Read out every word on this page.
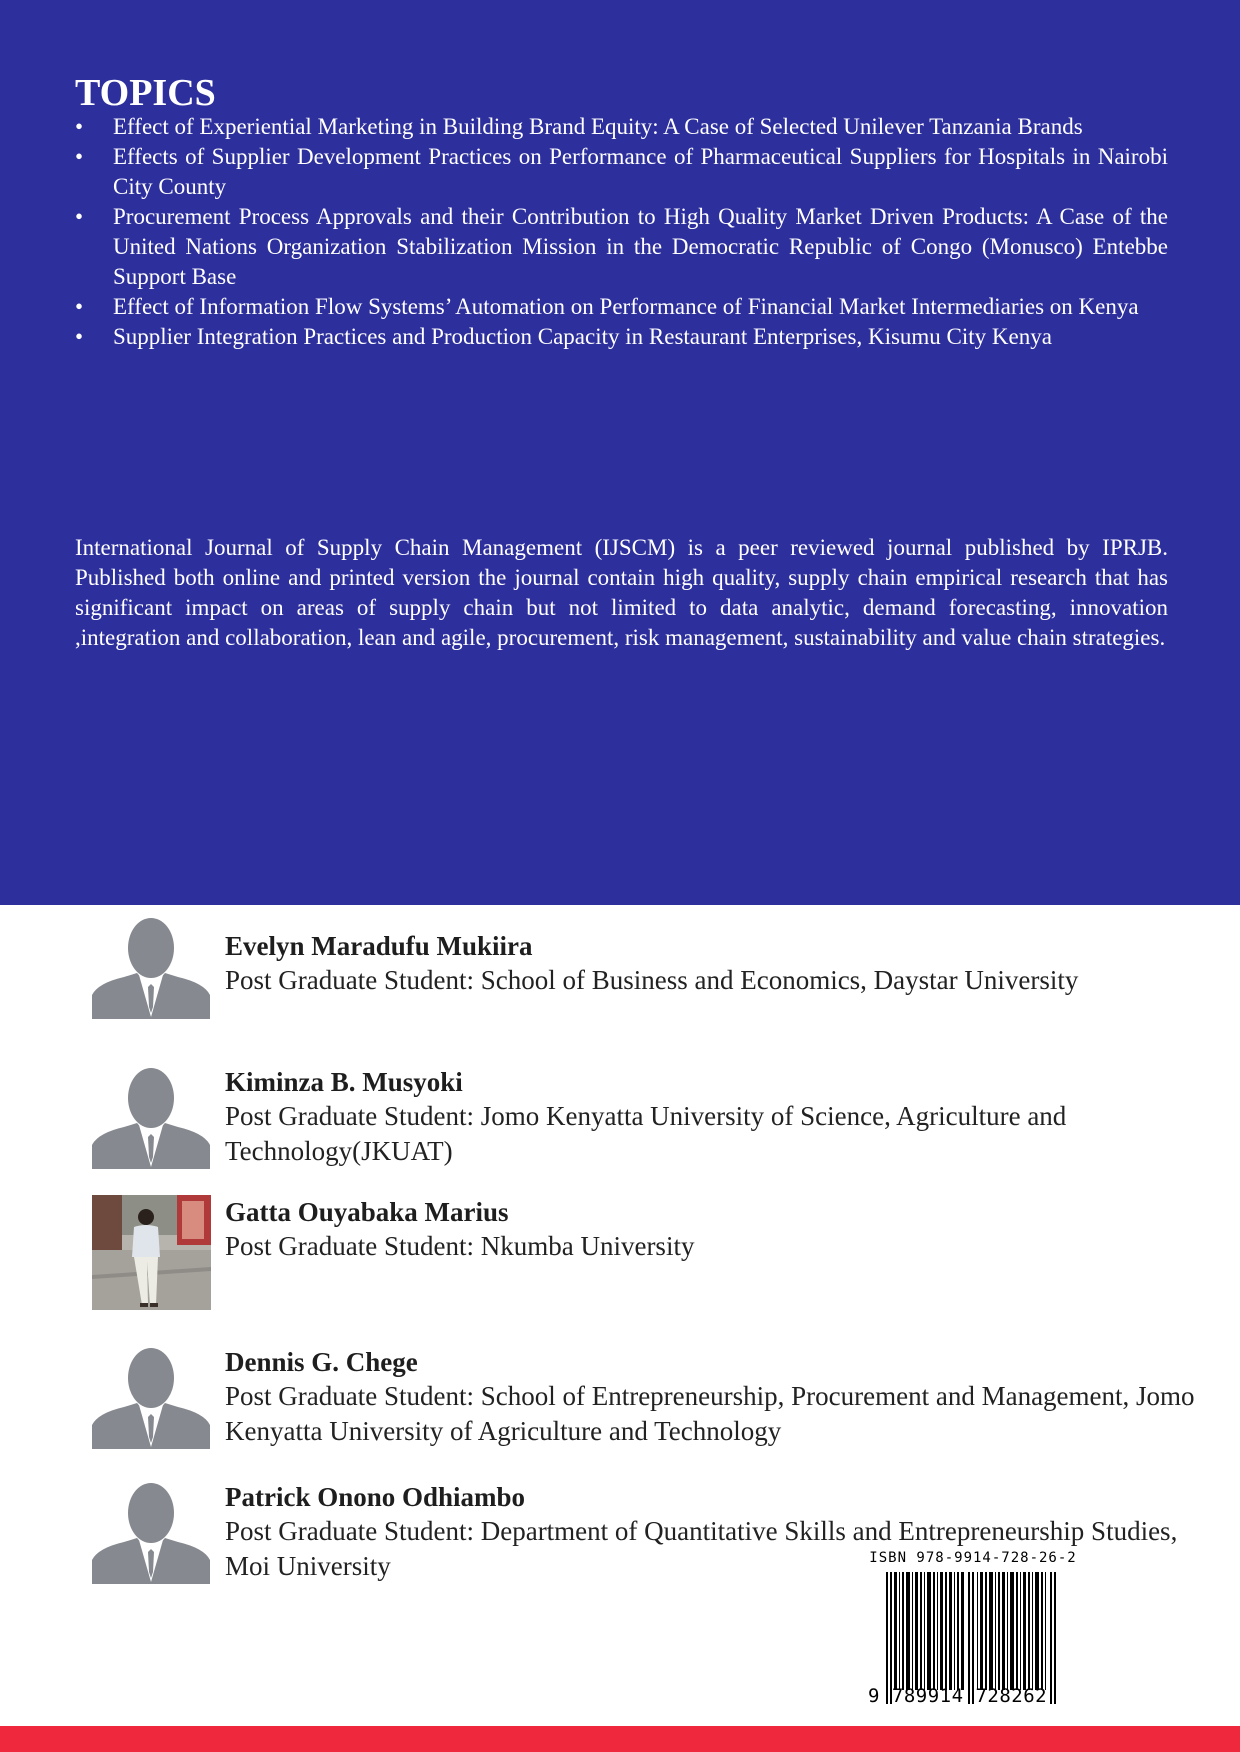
TOPICS
• Effect of Experiential Marketing in Building Brand Equity: A Case of Selected Unilever Tanzania Brands
• Effects of Supplier Development Practices on Performance of Pharmaceutical Suppliers for Hospitals in Nairobi City County
• Procurement Process Approvals and their Contribution to High Quality Market Driven Products: A Case of the United Nations Organization Stabilization Mission in the Democratic Republic of Congo (Monusco) Entebbe Support Base
• Effect of Information Flow Systems’ Automation on Performance of Financial Market Intermediaries on Kenya
• Supplier Integration Practices and Production Capacity in Restaurant Enterprises, Kisumu City Kenya

International Journal of Supply Chain Management (IJSCM) is a peer reviewed journal published by IPRJB. Published both online and printed version the journal contain high quality, supply chain empirical research that has significant impact on areas of supply chain but not limited to data analytic, demand forecasting, innovation ,integration and collaboration, lean and agile, procurement, risk management, sustainability and value chain strategies.

Evelyn Maradufu Mukiira
Post Graduate Student: School of Business and Economics, Daystar University
Kiminza B. Musyoki
Post Graduate Student: Jomo Kenyatta University of Science, Agriculture and Technology(JKUAT)
Gatta Ouyabaka Marius
Post Graduate Student: Nkumba University
Dennis G. Chege
Post Graduate Student: School of Entrepreneurship, Procurement and Management, Jomo Kenyatta University of Agriculture and Technology
Patrick Onono Odhiambo
Post Graduate Student: Department of Quantitative Skills and Entrepreneurship Studies, Moi University	ISBN 978-9914-728-26-2
9 789914 728262
